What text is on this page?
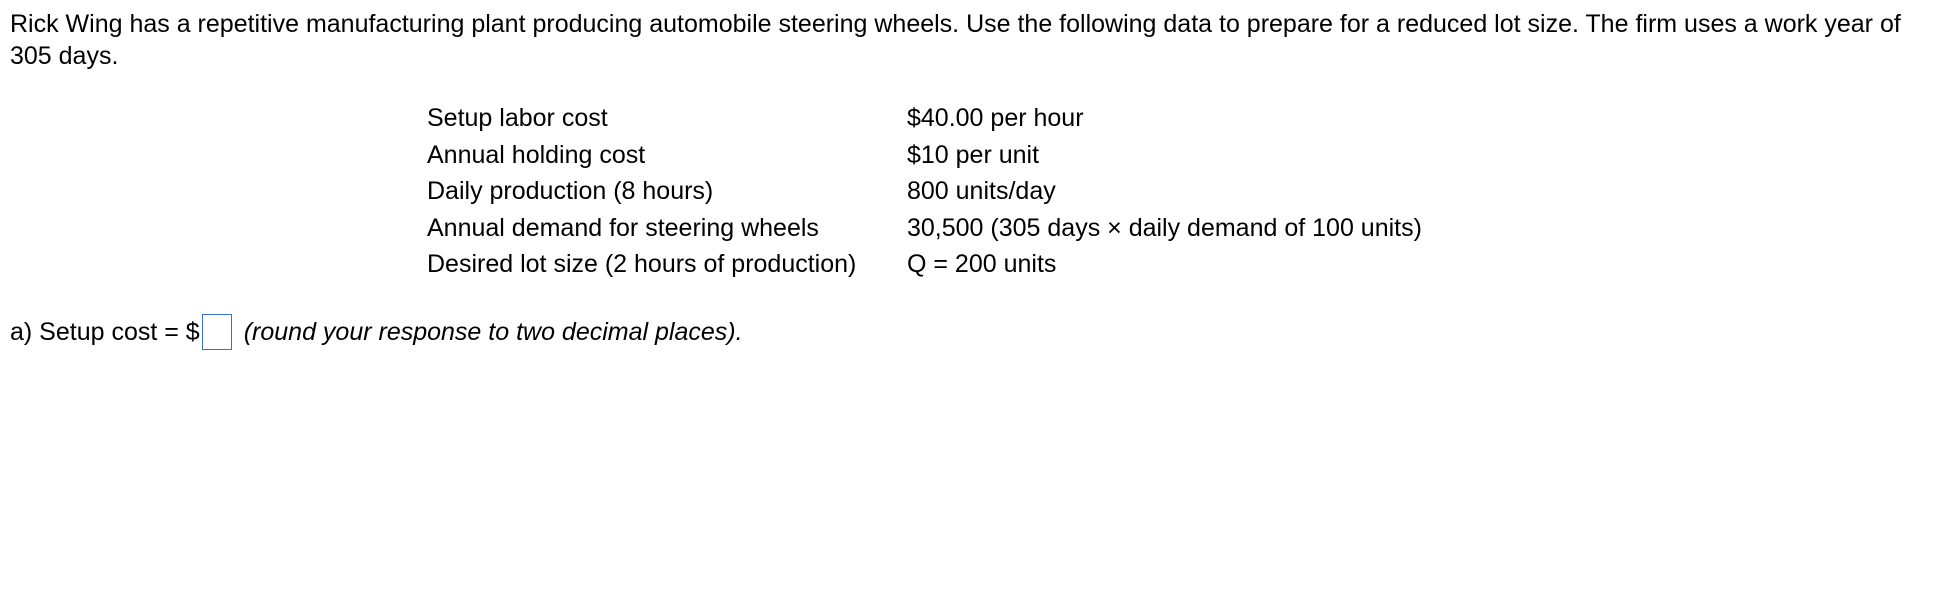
Rick Wing has a repetitive manufacturing plant producing automobile steering wheels. Use the following data to prepare for a reduced lot size. The firm uses a work year of 305 days.

Setup labor cost	$40.00 per hour
Annual holding cost	$10 per unit
Daily production (8 hours)	800 units/day
Annual demand for steering wheels	30,500 (305 days × daily demand of 100 units)
Desired lot size (2 hours of production)	Q = 200 units
a) Setup cost = $ (round your response to two decimal places).
